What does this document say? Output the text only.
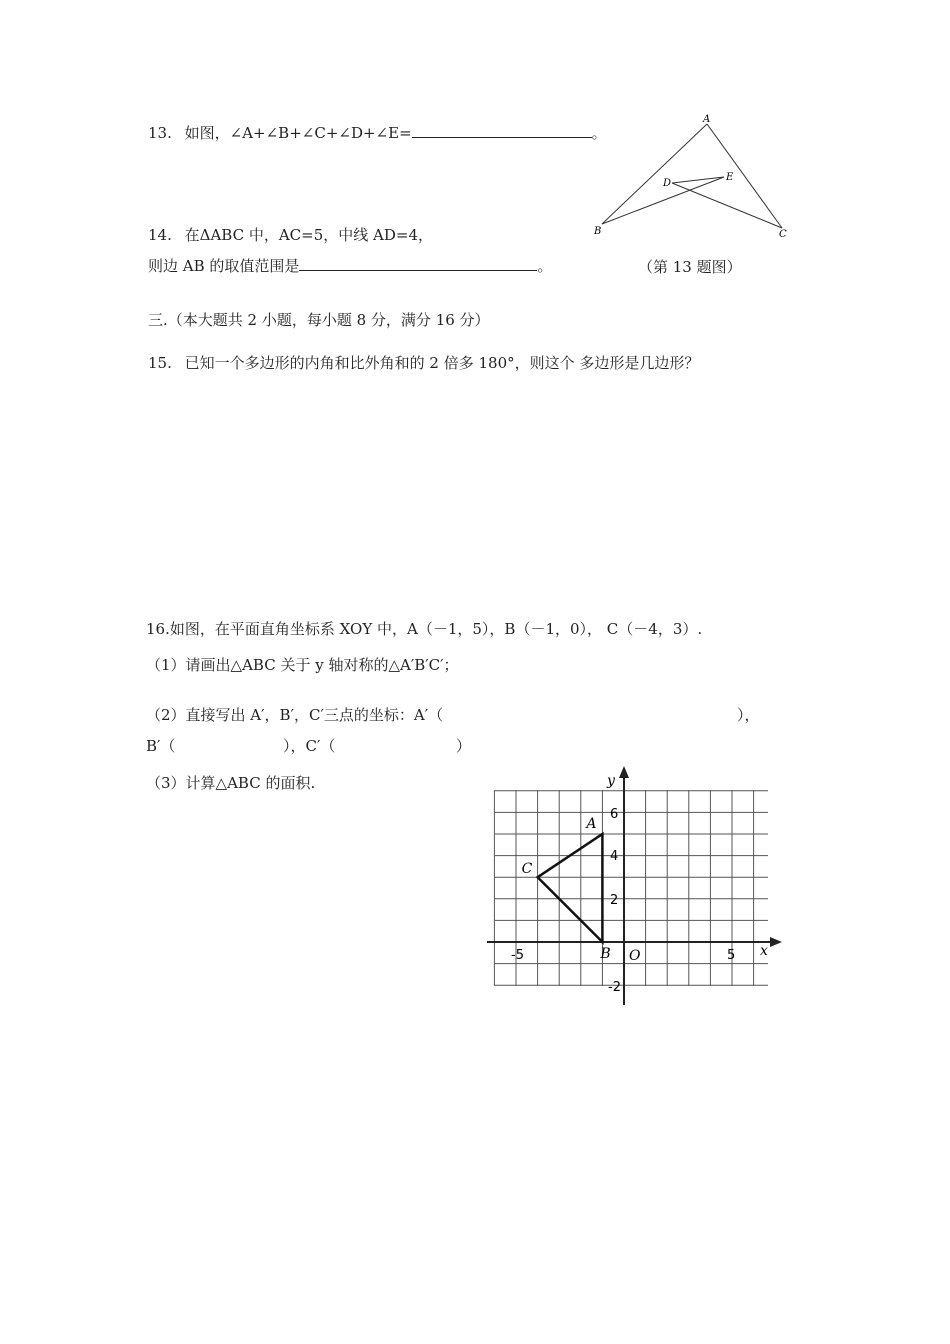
13. 如图，∠A+∠B+∠C+∠D+∠E=	。
A
B	C
D
E
14. 在ΔABC 中，AC=5，中线 AD=4，
则边 AB 的取值范围是	。	（第 13 题图）
三.（本大题共 2 小题，每小题 8 分，满分 16 分）
15. 已知一个多边形的内角和比外角和的 2 倍多 180°，则这个 多边形是几边形？
16.如图，在平面直角坐标系 XOY 中，A（－1，5），B（－1，0）， C（－4，3）.
（1）请画出△ABC 关于 y 轴对称的△A′B′C′；
（2）直接写出 A′，B′，C′三点的坐标：A′（	），
B′（	），C′（	）
（3）计算△ABC 的面积.
A
B
C
x
y
O
-5	5
6
4
2
-2
